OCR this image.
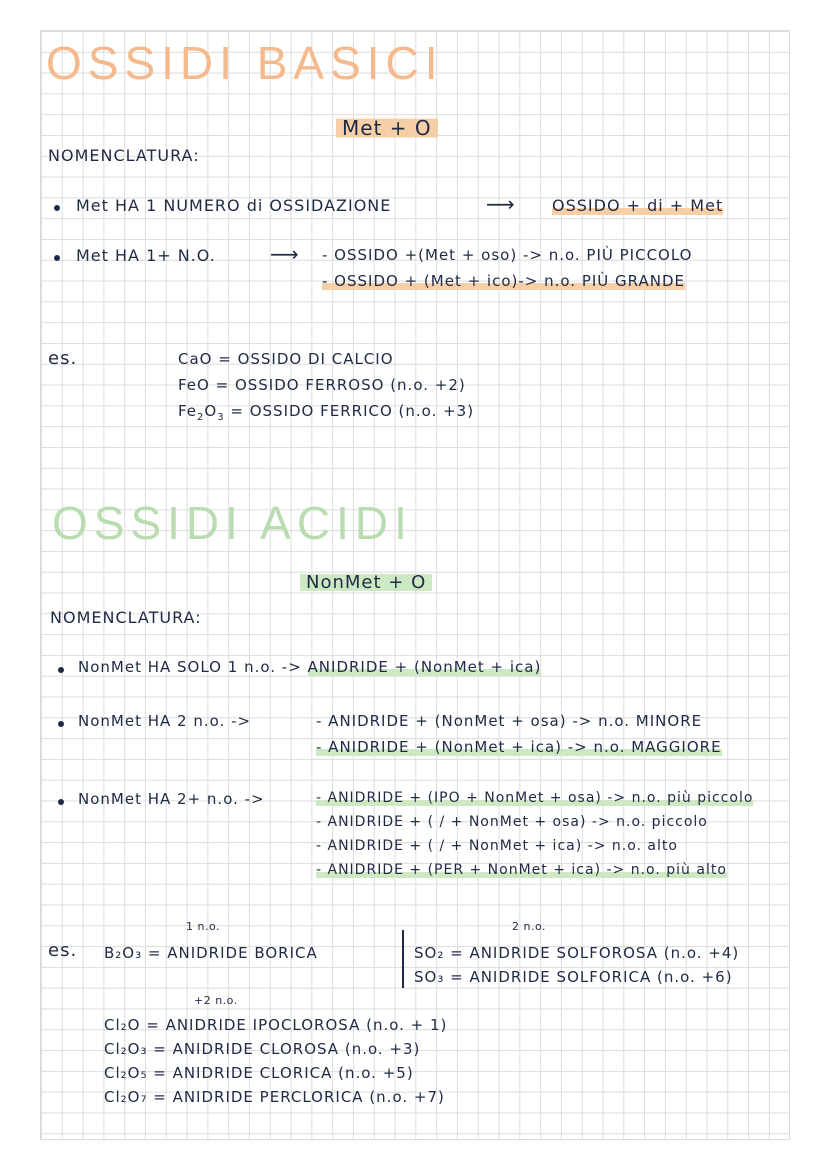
OSSIDI BASICI
Met + O
NOMENCLATURA:
Met HA 1 NUMERO di OSSIDAZIONE	⟶ OSSIDO + di + Met
Met HA 1+ N.O.	⟶ - OSSIDO +(Met + oso) -> n.o. PIÙ PICCOLO
- OSSIDO + (Met + ico)-> n.o. PIÙ GRANDE
es.	CaO = OSSIDO DI CALCIO
FeO = OSSIDO FERROSO (n.o. +2)
$Fe_2O_3$ = OSSIDO FERRICO (n.o. +3)
OSSIDI ACIDI
NonMet + O
NOMENCLATURA:
NonMet HA SOLO 1 n.o. -> ANIDRIDE + (NonMet + ica)
NonMet HA 2 n.o. ->	- ANIDRIDE + (NonMet + osa) -> n.o. MINORE
- ANIDRIDE + (NonMet + ica) -> n.o. MAGGIORE
NonMet HA 2+ n.o. ->	- ANIDRIDE + (IPO + NonMet + osa) -> n.o. più piccolo
- ANIDRIDE + ( / + NonMet + osa) -> n.o. piccolo
- ANIDRIDE + ( / + NonMet + ica) -> n.o. alto
- ANIDRIDE + (PER + NonMet + ica) -> n.o. più alto
1 n.o.	2 n.o.
es. B₂O₃ = ANIDRIDE BORICA	SO₂ = ANIDRIDE SOLFOROSA (n.o. +4)
SO₃ = ANIDRIDE SOLFORICA (n.o. +6)
+2 n.o.
Cl₂O = ANIDRIDE IPOCLOROSA (n.o. + 1)
Cl₂O₃ = ANIDRIDE CLOROSA (n.o. +3)
Cl₂O₅ = ANIDRIDE CLORICA (n.o. +5)
Cl₂O₇ = ANIDRIDE PERCLORICA (n.o. +7)
